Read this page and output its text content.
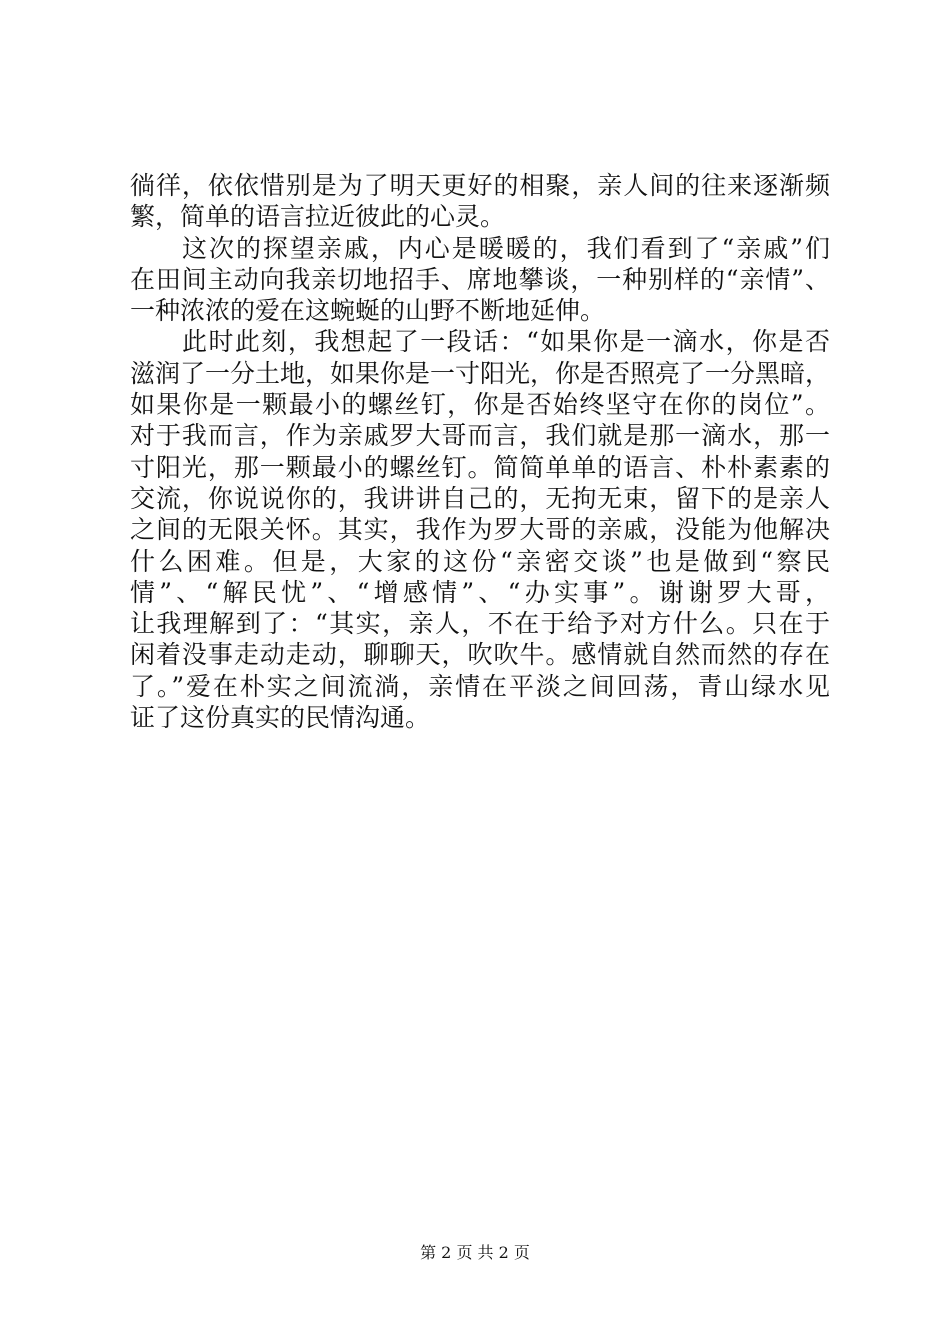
徜徉，依依惜别是为了明天更好的相聚，亲人间的往来逐渐频
繁，简单的语言拉近彼此的心灵。
这次的探望亲戚，内心是暖暖的，我们看到了“亲戚”们
在田间主动向我亲切地招手、席地攀谈，一种别样的“亲情”、
一种浓浓的爱在这蜿蜒的山野不断地延伸。
此时此刻，我想起了一段话：“如果你是一滴水，你是否
滋润了一分土地，如果你是一寸阳光，你是否照亮了一分黑暗，
如果你是一颗最小的螺丝钉，你是否始终坚守在你的岗位”。
对于我而言，作为亲戚罗大哥而言，我们就是那一滴水，那一
寸阳光，那一颗最小的螺丝钉。简简单单的语言、朴朴素素的
交流，你说说你的，我讲讲自己的，无拘无束，留下的是亲人
之间的无限关怀。其实，我作为罗大哥的亲戚，没能为他解决
什么困难。但是，大家的这份“亲密交谈”也是做到“察民
情”、“解民忧”、“增感情”、“办实事”。谢谢罗大哥，
让我理解到了：“其实，亲人，不在于给予对方什么。只在于
闲着没事走动走动，聊聊天，吹吹牛。感情就自然而然的存在
了。”爱在朴实之间流淌，亲情在平淡之间回荡，青山绿水见
证了这份真实的民情沟通。
第 2 页 共 2 页
